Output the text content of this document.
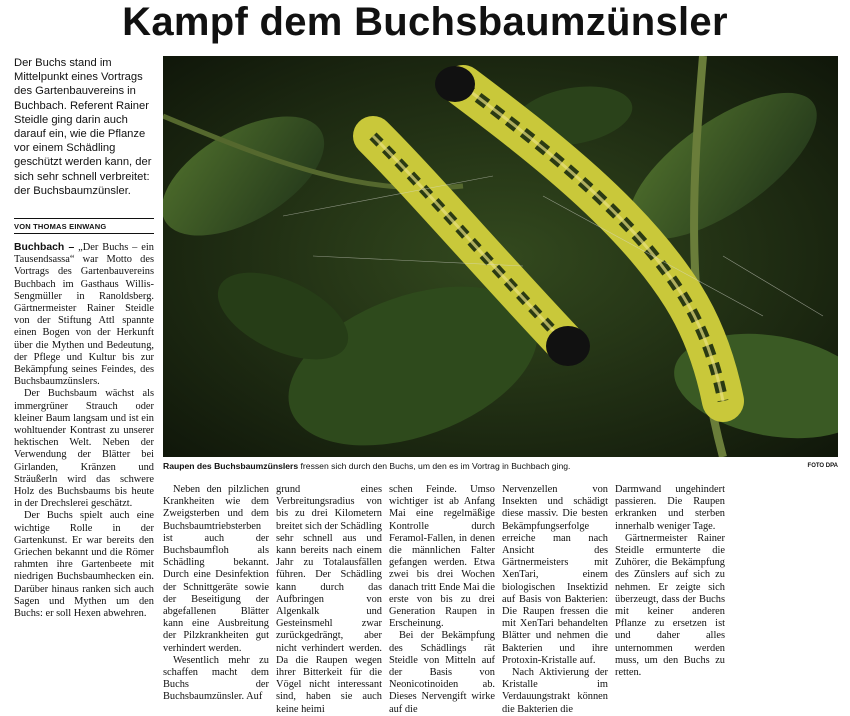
Kampf dem Buchsbaumzünsler
Der Buchs stand im Mittelpunkt eines Vortrags des Gartenbauvereins in Buchbach. Referent Rainer Steidle ging darin auch darauf ein, wie die Pflanze vor einem Schädling geschützt werden kann, der sich sehr schnell verbreitet: der Buchsbaumzünsler.
VON THOMAS EINWANG

Buchbach – „Der Buchs – ein Tausendsassa“ war Motto des Vortrags des Gartenbauvereins Buchbach im Gasthaus Willis-Sengmüller in Ranoldsberg. Gärtnermeister Rainer Steidle von der Stiftung Attl spannte einen Bogen von der Herkunft über die Mythen und Bedeutung, der Pflege und Kultur bis zur Bekämpfung seines Feindes, des Buchsbaumzünslers.

Der Buchsbaum wächst als immergrüner Strauch oder kleiner Baum langsam und ist ein wohltuender Kontrast zu unserer hektischen Welt. Neben der Verwendung der Blätter bei Girlanden, Kränzen und Sträußerln wird das schwere Holz des Buchsbaums bis heute in der Drechslerei geschätzt.

Der Buchs spielt auch eine wichtige Rolle in der Gartenkunst. Er war bereits den Griechen bekannt und die Römer rahmten ihre Gartenbeete mit niedrigen Buchsbaumhecken ein. Darüber hinaus ranken sich auch Sagen und Mythen um den Buchs: er soll Hexen abwehren.

Raupen des Buchsbaumzünslers fressen sich durch den Buchs, um den es im Vortrag in Buchbach ging.	FOTO DPA

Neben den pilzlichen Krankheiten wie dem Zweigsterben und dem Buchsbaumtriebsterben ist auch der Buchsbaumfloh als Schädling bekannt. Durch eine Desinfektion der Schnittgeräte sowie der Beseitigung der abgefallenen Blätter kann eine Ausbreitung der Pilzkrankheiten gut verhindert werden.

Wesentlich mehr zu schaffen macht dem Buchs der Buchsbaumzünsler. Auf

grund eines Verbreitungsradius von bis zu drei Kilometern breitet sich der Schädling sehr schnell aus und kann bereits nach einem Jahr zu Totalausfällen führen. Der Schädling kann durch das Aufbringen von Algenkalk und Gesteinsmehl zwar zurückgedrängt, aber nicht verhindert werden. Da die Raupen wegen ihrer Bitterkeit für die Vögel nicht interessant sind, haben sie auch keine heimi

schen Feinde. Umso wichtiger ist ab Anfang Mai eine regelmäßige Kontrolle durch Feramol-Fallen, in denen die männlichen Falter gefangen werden. Etwa zwei bis drei Wochen danach tritt Ende Mai die erste von bis zu drei Generation Raupen in Erscheinung.

Bei der Bekämpfung des Schädlings rät Steidle von Mitteln auf der Basis von Neonicotinoiden ab. Dieses Nervengift wirke auf die

Nervenzellen von Insekten und schädigt diese massiv. Die besten Bekämpfungserfolge erreiche man nach Ansicht des Gärtnermeisters mit XenTari, einem biologischen Insektizid auf Basis von Bakterien: Die Raupen fressen die mit XenTari behandelten Blätter und nehmen die Bakterien und ihre Protoxin-Kristalle auf.

Nach Aktivierung der Kristalle im Verdauungstrakt können die Bakterien die

Darmwand ungehindert passieren. Die Raupen erkranken und sterben innerhalb weniger Tage.

Gärtnermeister Rainer Steidle ermunterte die Zuhörer, die Bekämpfung des Zünslers auf sich zu nehmen. Er zeigte sich überzeugt, dass der Buchs mit keiner anderen Pflanze zu ersetzen ist und daher alles unternommen werden muss, um den Buchs zu retten.
